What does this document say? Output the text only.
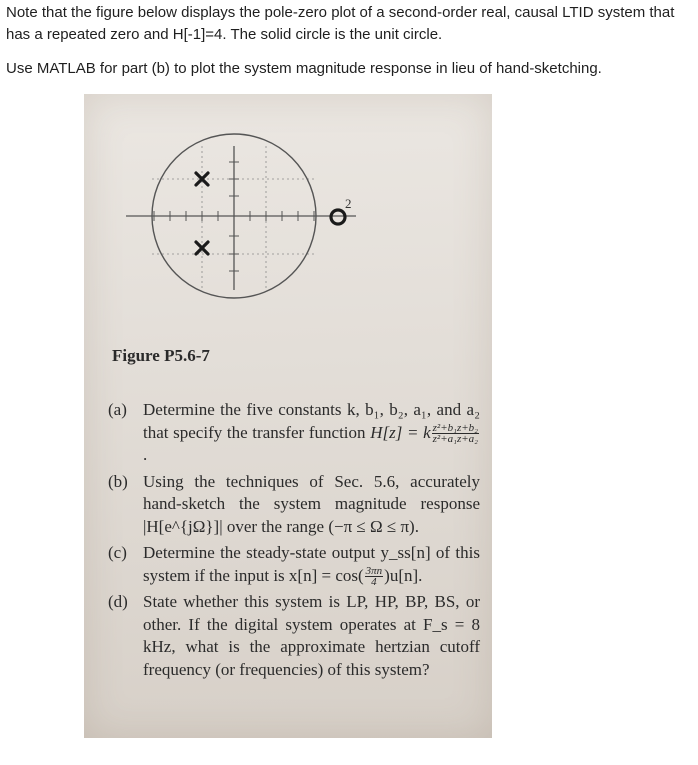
Note that the figure below displays the pole-zero plot of a second-order real, causal LTID system that has a repeated zero and H[-1]=4. The solid circle is the unit circle.

Use MATLAB for part (b) to plot the system magnitude response in lieu of hand-sketching.

2
Figure P5.6-7
(a) Determine the five constants k, b₁, b₂, a₁, and a₂ that specify the transfer function H[z] = k $\frac{\text{z²+b₁z+b₂}}{\text{z²+a₁z+a₂}}$
.
(b) Using the techniques of Sec. 5.6, accurately hand-sketch the system magnitude response |H[e^{jΩ}]| over the range (−π ≤ Ω ≤ π).
(c) Determine the steady-state output y_ss[n] of this system if the input is $x[n] = \cos( \frac{3\pi n}{4} )u[n]$.
(d) State whether this system is LP, HP, BP, BS, or other. If the digital system operates at F_s = 8 kHz, what is the approximate hertzian cutoff frequency (or frequencies) of this system?
